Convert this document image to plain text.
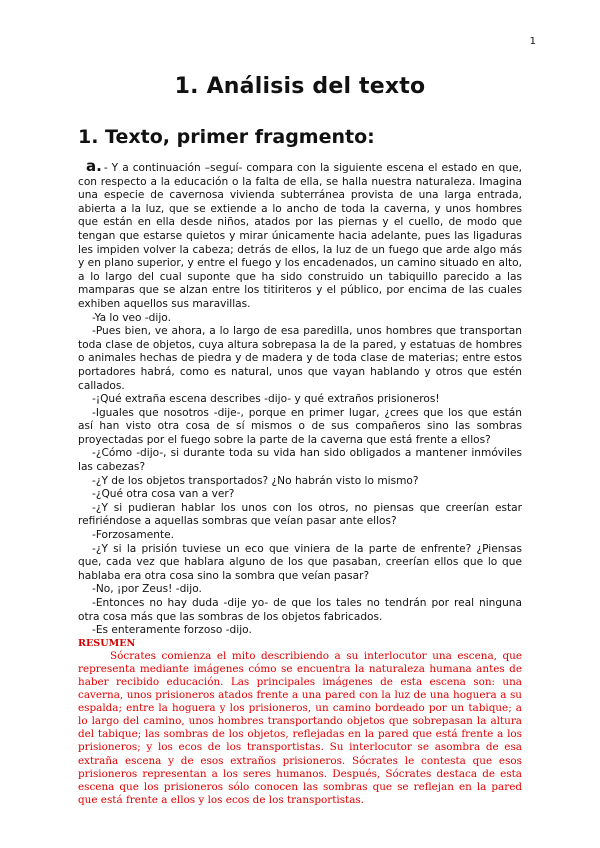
1
1. Análisis del texto
1. Texto, primer fragmento:

a. - Y a continuación –seguí- compara con la siguiente escena el estado en que, con respecto a la educación o la falta de ella, se halla nuestra naturaleza. Imagina una especie de cavernosa vivienda subterránea provista de una larga entrada, abierta a la luz, que se extiende a lo ancho de toda la caverna, y unos hombres que están en ella desde niños, atados por las piernas y el cuello, de modo que tengan que estarse quietos y mirar únicamente hacia adelante, pues las ligaduras les impiden volver la cabeza; detrás de ellos, la luz de un fuego que arde algo más y en plano superior, y entre el fuego y los encadenados, un camino situado en alto, a lo largo del cual suponte que ha sido construido un tabiquillo parecido a las mamparas que se alzan entre los titiriteros y el público, por encima de las cuales exhiben aquellos sus maravillas.

-Ya lo veo -dijo.

-Pues bien, ve ahora, a lo largo de esa paredilla, unos hombres que transportan toda clase de objetos, cuya altura sobrepasa la de la pared, y estatuas de hombres o animales hechas de piedra y de madera y de toda clase de materias; entre estos portadores habrá, como es natural, unos que vayan hablando y otros que estén callados.

-¡Qué extraña escena describes -dijo- y qué extraños prisioneros!

-Iguales que nosotros -dije-, porque en primer lugar, ¿crees que los que están así han visto otra cosa de sí mismos o de sus compañeros sino las sombras proyectadas por el fuego sobre la parte de la caverna que está frente a ellos?

-¿Cómo -dijo-, si durante toda su vida han sido obligados a mantener inmóviles las cabezas?

-¿Y de los objetos transportados? ¿No habrán visto lo mismo?

-¿Qué otra cosa van a ver?

-¿Y si pudieran hablar los unos con los otros, no piensas que creerían estar refiriéndose a aquellas sombras que veían pasar ante ellos?

-Forzosamente.

-¿Y si la prisión tuviese un eco que viniera de la parte de enfrente? ¿Piensas que, cada vez que hablara alguno de los que pasaban, creerían ellos que lo que hablaba era otra cosa sino la sombra que veían pasar?

-No, ¡por Zeus! -dijo.

-Entonces no hay duda -dije yo- de que los tales no tendrán por real ninguna otra cosa más que las sombras de los objetos fabricados.

-Es enteramente forzoso -dijo.

RESUMEN

Sócrates comienza el mito describiendo a su interlocutor una escena, que representa mediante imágenes cómo se encuentra la naturaleza humana antes de haber recibido educación. Las principales imágenes de esta escena son: una caverna, unos prisioneros atados frente a una pared con la luz de una hoguera a su espalda; entre la hoguera y los prisioneros, un camino bordeado por un tabique; a lo largo del camino, unos hombres transportando objetos que sobrepasan la altura del tabique; las sombras de los objetos, reflejadas en la pared que está frente a los prisioneros; y los ecos de los transportistas. Su interlocutor se asombra de esa extraña escena y de esos extraños prisioneros. Sócrates le contesta que esos prisioneros representan a los seres humanos. Después, Sócrates destaca de esta escena que los prisioneros sólo conocen las sombras que se reflejan en la pared que está frente a ellos y los ecos de los transportistas.
